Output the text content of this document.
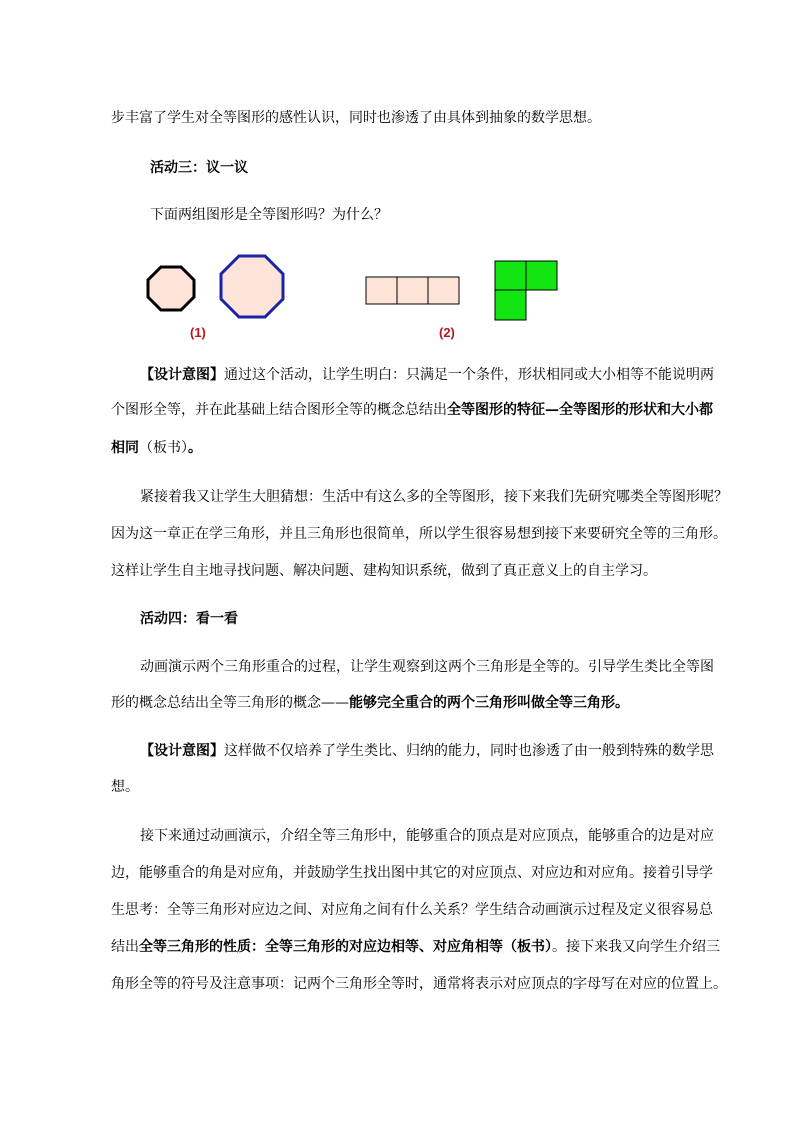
步丰富了学生对全等图形的感性认识，同时也渗透了由具体到抽象的数学思想。
活动三：议一议
下面两组图形是全等图形吗？为什么？
(1)	(2)
【设计意图】通过这个活动，让学生明白：只满足一个条件，形状相同或大小相等不能说明两
个图形全等，并在此基础上结合图形全等的概念总结出全等图形的特征—全等图形的形状和大小都
相同（板书）。
紧接着我又让学生大胆猜想：生活中有这么多的全等图形，接下来我们先研究哪类全等图形呢？
因为这一章正在学三角形，并且三角形也很简单，所以学生很容易想到接下来要研究全等的三角形。
这样让学生自主地寻找问题、解决问题、建构知识系统，做到了真正意义上的自主学习。
活动四：看一看
动画演示两个三角形重合的过程，让学生观察到这两个三角形是全等的。引导学生类比全等图
形的概念总结出全等三角形的概念——能够完全重合的两个三角形叫做全等三角形。
【设计意图】这样做不仅培养了学生类比、归纳的能力，同时也渗透了由一般到特殊的数学思
想。
接下来通过动画演示，介绍全等三角形中，能够重合的顶点是对应顶点，能够重合的边是对应
边，能够重合的角是对应角，并鼓励学生找出图中其它的对应顶点、对应边和对应角。接着引导学
生思考：全等三角形对应边之间、对应角之间有什么关系？学生结合动画演示过程及定义很容易总
结出全等三角形的性质：全等三角形的对应边相等、对应角相等（板书）。接下来我又向学生介绍三
角形全等的符号及注意事项：记两个三角形全等时，通常将表示对应顶点的字母写在对应的位置上。
